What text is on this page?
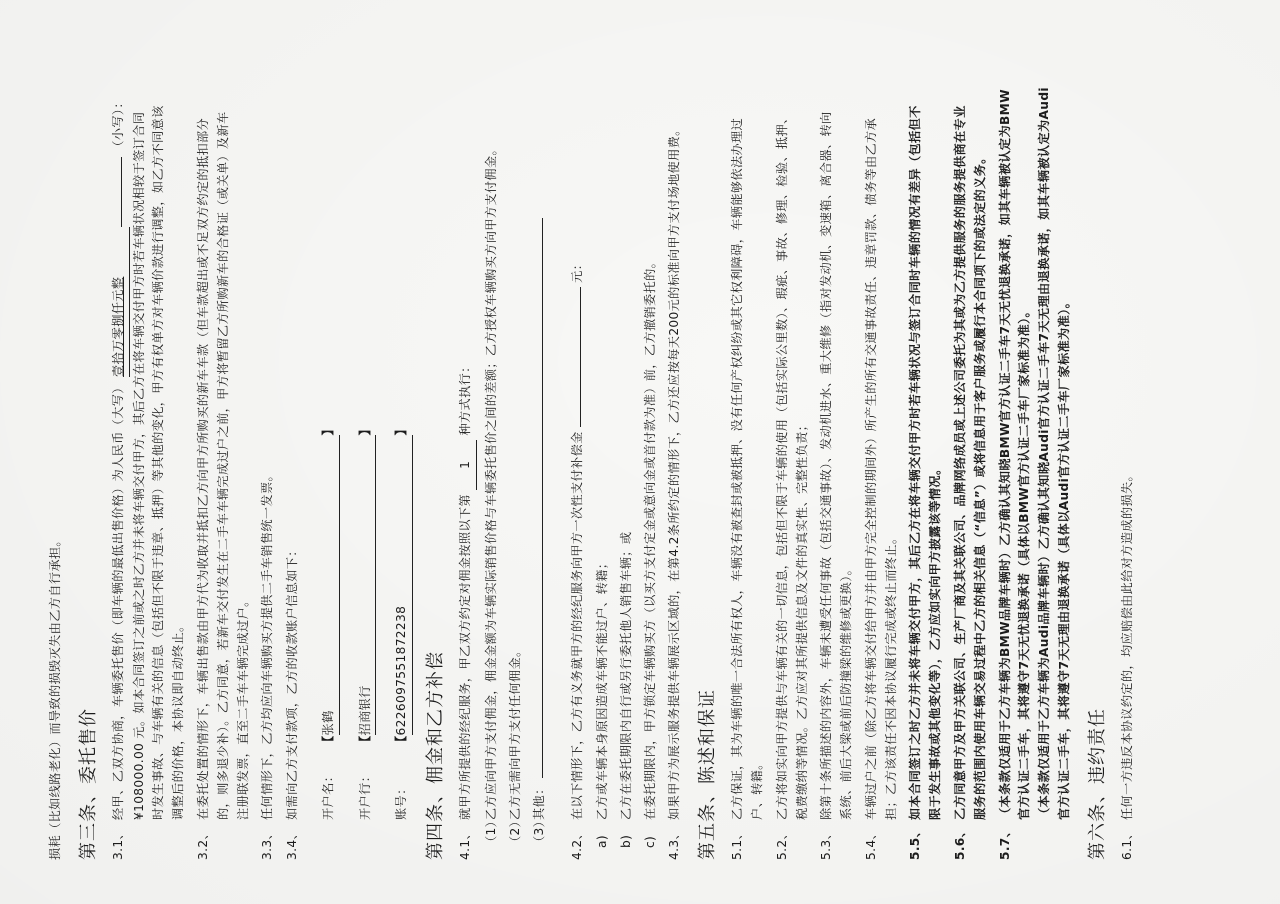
损耗（比如线路老化）而导致的损毁灭失由乙方自行承担。 第三条、委托售价 3.1、
经甲、乙双方协商，车辆委托售价（即车辆的最低出售价格）为人民币（大写） 壹拾万零捌仟元整 （小写）： ¥108000.00 元。如本合同签订之前或之时乙方并未将车辆交付甲方，其后乙方在将车辆交付甲方时若车辆状况相较于签订合同 时发生事故、与车辆有关的信息（包括但不限于违章、抵押）等其他的变化，甲方有权单方对车辆价款进行调整，如乙方不同意该 调整后的价格，本协议即自动终止。
3.2、
在委托处置的情形下，车辆出售款由甲方代为收取并抵扣乙方向甲方所购买的新车车款（但车款超出或不足双方约定的抵扣部分 的，则多退少补）。乙方同意，若新车交付发生在二手车车辆完成过户之前，甲方将暂留乙方所购新车的合格证（或关单）及新车 注册联发票，直至二手车车辆完成过户。
3.3、
任何情形下，乙方均应向车辆购买方提供二手车销售统一发票。
3.4、
如需向乙方支付款项，乙方的收款账户信息如下：	开户名：
【
张鹤
】
开户行：
【
招商银行
】
账号：
【
6226097551872238
】
第四条、佣金和乙方补偿 4.1、
就甲方所提供的经纪服务，甲乙双方约定对佣金按照以下第 1 种方式执行：
（1）
乙方应向甲方支付佣金，佣金金额为车辆实际销售价格与车辆委托售价之间的差额；乙方授权车辆购买方向甲方支付佣金。
（2）
乙方无需向甲方支付任何佣金。
（3）
其他：
4.2、
在以下情形下，乙方有义务就甲方的经纪服务向甲方一次性支付补偿金  元：
a)
乙方或车辆本身原因造成车辆不能过户、转籍；
b)
乙方在委托期限内自行或另行委托他人销售车辆；或
c)
在委托期限内，甲方锁定车辆购买方（以买方支付定金或意向金或首付款为准）前，乙方撤销委托的。
4.3、
如果甲方为展示服务提供车辆展示区域的，在第4.2条所约定的情形下，乙方还应按每天200元的标准向甲方支付场地使用费。 第五条、陈述和保证 5.1、
乙方保证，其为车辆的唯一合法所有权人，车辆没有被查封或被抵押、没有任何产权纠纷或其它权利障碍，车辆能够依法办理过 户、转籍。
5.2、
乙方将如实向甲方提供与车辆有关的一切信息，包括但不限于车辆的使用（包括实际公里数）、瑕疵、事故、修理、检验、抵押、 税费缴纳等情况。乙方应对其所提供信息及文件的真实性、完整性负责；
5.3、
除第十条所描述的内容外，车辆未遭受任何事故（包括交通事故）、发动机进水、重大维修（指对发动机、变速箱、离合器、转向 系统、前后大梁或前后防撞梁的维修或更换）。
5.4、
车辆过户之前（除乙方将车辆交付给甲方并由甲方完全控制的期间外）所产生的所有交通事故责任、违章罚款、债务等由乙方承 担；乙方该责任不因本协议履行完成或终止而终止。
5.5、
如本合同签订之时乙方并未将车辆交付甲方，其后乙方在将车辆交付甲方时若车辆状况与签订合同时车辆的情况有差异（包括但不 限于发生事故或其他变化等），乙方应如实向甲方披露该等情况。
5.6、
乙方同意甲方及甲方关联公司、生产厂商及其关联公司、品牌网络成员或上述公司委托为其或为乙方提供服务的服务提供商在专业 服务的范围内使用车辆交易过程中乙方的相关信息（“信息”）或将信息用于客户服务或履行本合同项下的或法定的义务。
5.7、
（本条款仅适用于乙方车辆为BMW品牌车辆时）乙方确认其知晓BMW官方认证二手车7天无忧退换承诺，如其车辆被认定为BMW 官方认证二手车，其将遵守7天无忧退换承诺（具体以BMW官方认证二手车厂家标准为准）。 （本条款仅适用于乙方车辆为Audi品牌车辆时）乙方确认其知晓Audi官方认证二手车7天无理由退换承诺，如其车辆被认定为Audi 官方认证二手车，其将遵守7天无理由退换承诺（具体以Audi官方认证二手车厂家标准为准）。 第六条、违约责任 6.1、
任何一方违反本协议约定的，均应赔偿由此给对方造成的损失。
